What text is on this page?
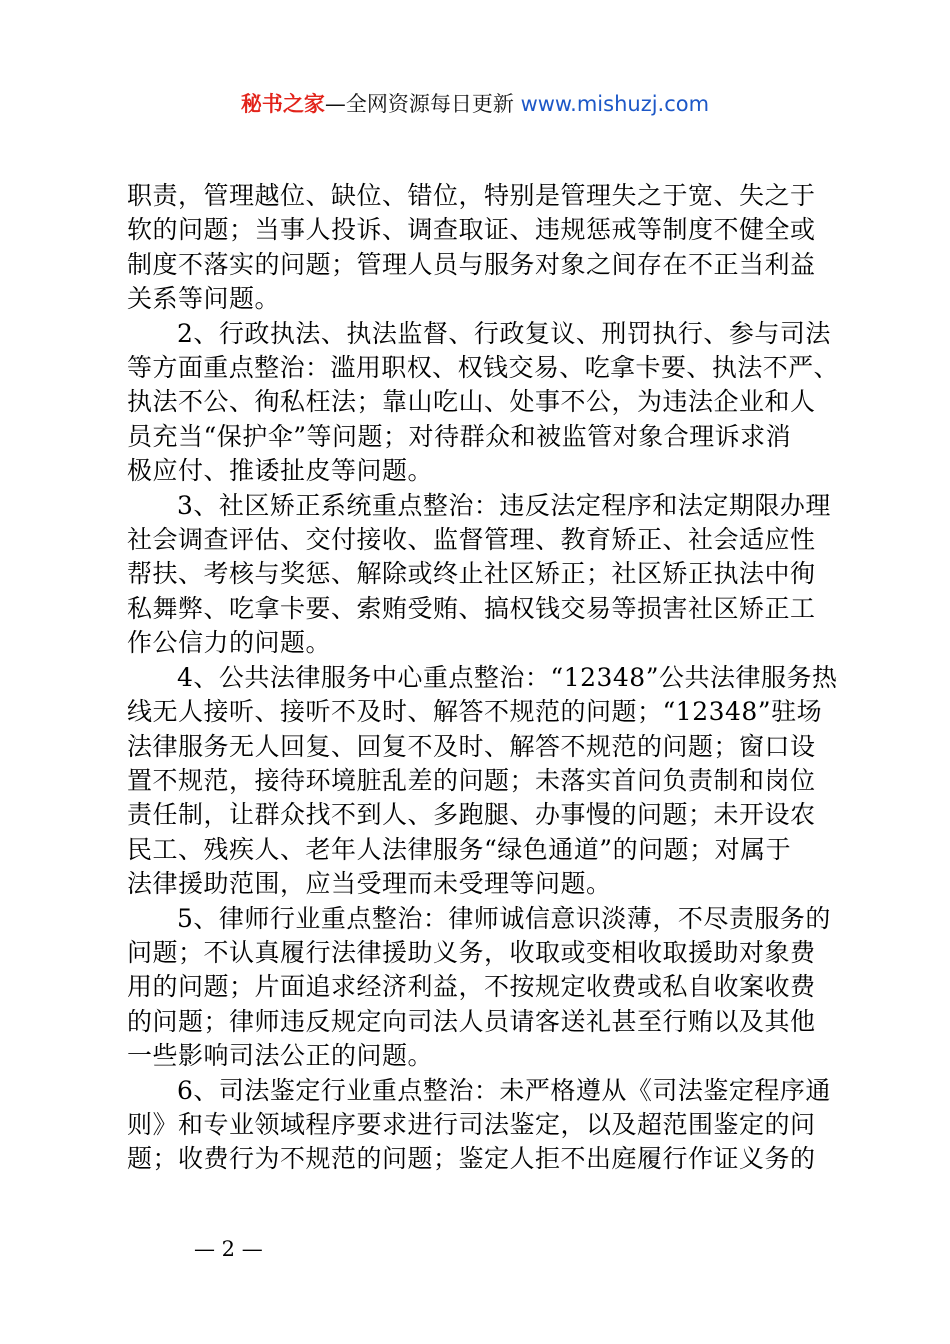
秘书之家—全网资源每日更新 www.mishuzj.com

职责，管理越位、缺位、错位，特别是管理失之于宽、失之于
软的问题；当事人投诉、调查取证、违规惩戒等制度不健全或
制度不落实的问题；管理人员与服务对象之间存在不正当利益
关系等问题。

2、行政执法、执法监督、行政复议、刑罚执行、参与司法
等方面重点整治：滥用职权、权钱交易、吃拿卡要、执法不严、
执法不公、徇私枉法；靠山吃山、处事不公，为违法企业和人
员充当“保护伞”等问题；对待群众和被监管对象合理诉求消
极应付、推诿扯皮等问题。

3、社区矫正系统重点整治：违反法定程序和法定期限办理
社会调查评估、交付接收、监督管理、教育矫正、社会适应性
帮扶、考核与奖惩、解除或终止社区矫正；社区矫正执法中徇
私舞弊、吃拿卡要、索贿受贿、搞权钱交易等损害社区矫正工
作公信力的问题。

4、公共法律服务中心重点整治：“12348”公共法律服务热
线无人接听、接听不及时、解答不规范的问题；“12348”驻场
法律服务无人回复、回复不及时、解答不规范的问题；窗口设
置不规范，接待环境脏乱差的问题；未落实首问负责制和岗位
责任制，让群众找不到人、多跑腿、办事慢的问题；未开设农
民工、残疾人、老年人法律服务“绿色通道”的问题；对属于
法律援助范围，应当受理而未受理等问题。

5、律师行业重点整治：律师诚信意识淡薄，不尽责服务的
问题；不认真履行法律援助义务，收取或变相收取援助对象费
用的问题；片面追求经济利益，不按规定收费或私自收案收费
的问题；律师违反规定向司法人员请客送礼甚至行贿以及其他
一些影响司法公正的问题。

6、司法鉴定行业重点整治：未严格遵从《司法鉴定程序通
则》和专业领域程序要求进行司法鉴定，以及超范围鉴定的问
题；收费行为不规范的问题；鉴定人拒不出庭履行作证义务的

— 2 —
